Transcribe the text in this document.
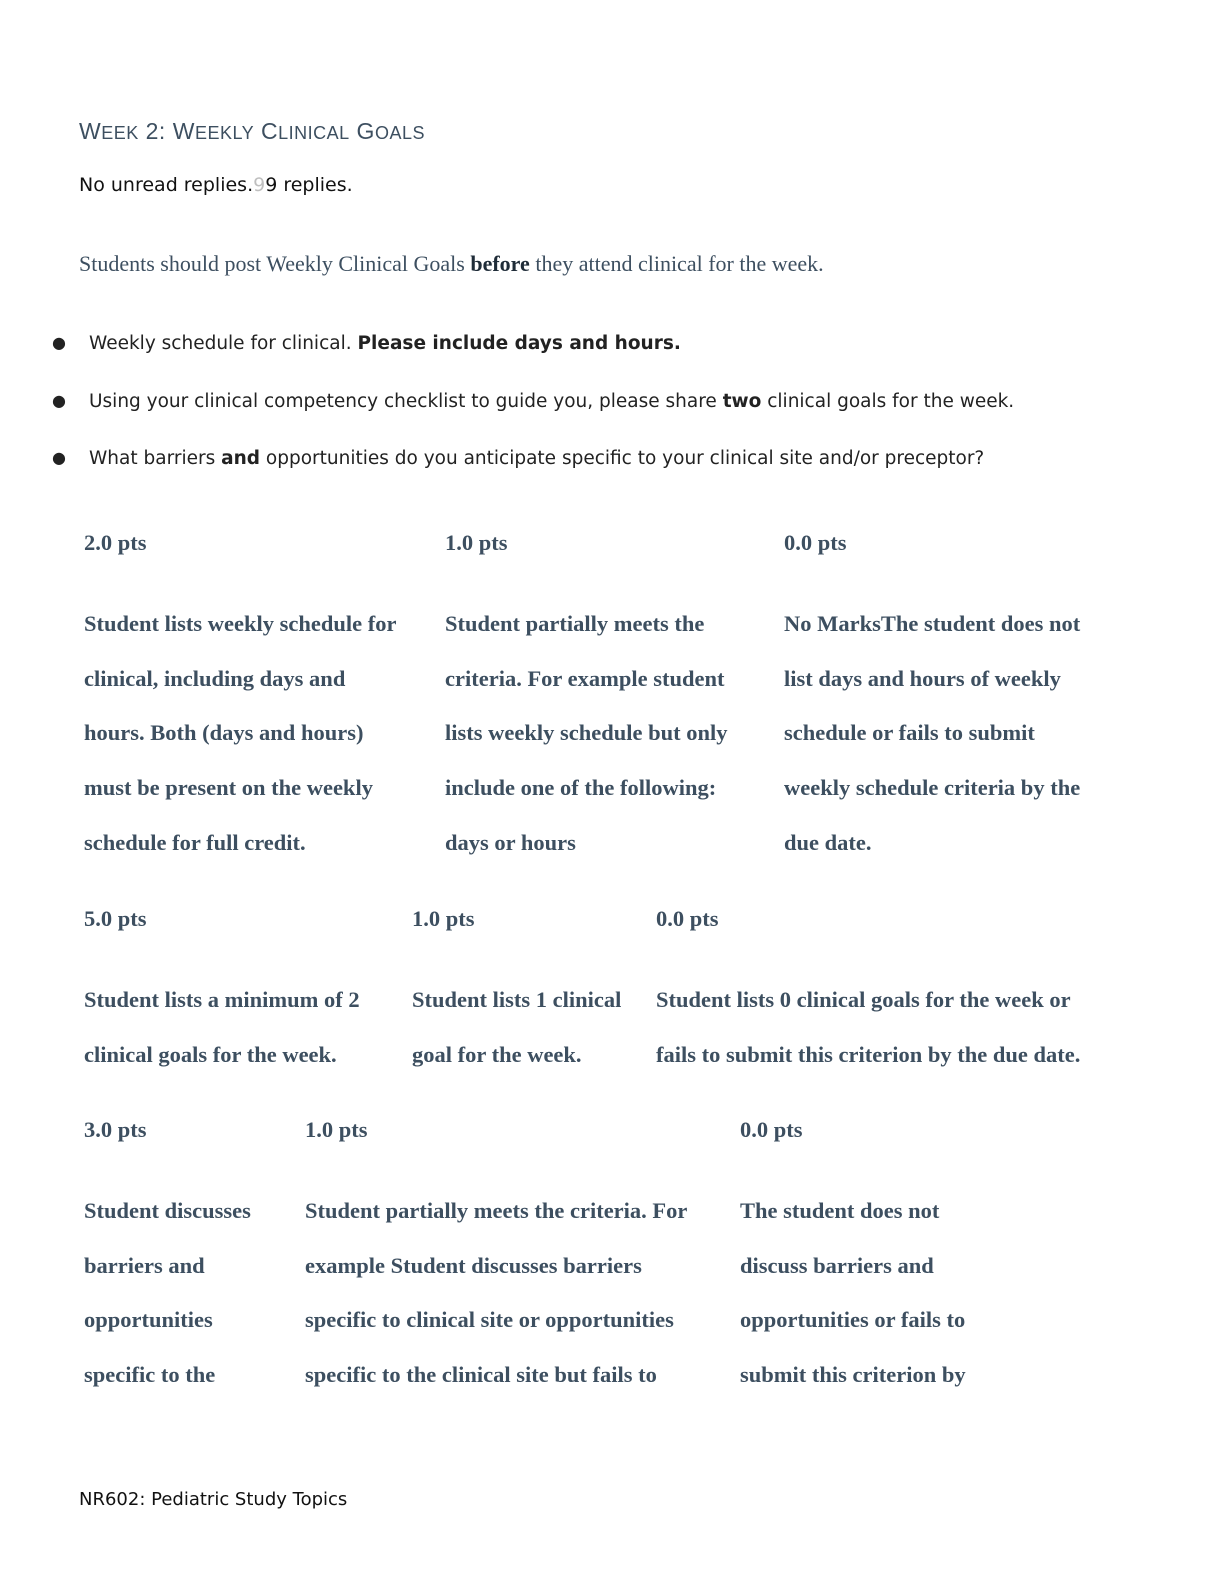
WEEK 2: WEEKLY CLINICAL GOALS
No unread replies.99 replies.
Students should post Weekly Clinical Goals before they attend clinical for the week.
● Weekly schedule for clinical. Please include days and hours.
● Using your clinical competency checklist to guide you, please share two clinical goals for the week.
● What barriers and opportunities do you anticipate specific to your clinical site and/or preceptor?
2.0 pts
Student lists weekly schedule for
clinical, including days and
hours. Both (days and hours)
must be present on the weekly
schedule for full credit.
1.0 pts
Student partially meets the
criteria. For example student
lists weekly schedule but only
include one of the following:
days or hours
0.0 pts
No MarksThe student does not
list days and hours of weekly
schedule or fails to submit
weekly schedule criteria by the
due date.
5.0 pts
Student lists a minimum of 2
clinical goals for the week.
1.0 pts
Student lists 1 clinical
goal for the week.
0.0 pts
Student lists 0 clinical goals for the week or
fails to submit this criterion by the due date.
3.0 pts
Student discusses
barriers and
opportunities
specific to the
1.0 pts
Student partially meets the criteria. For
example Student discusses barriers
specific to clinical site or opportunities
specific to the clinical site but fails to
0.0 pts
The student does not
discuss barriers and
opportunities or fails to
submit this criterion by
NR602: Pediatric Study Topics
